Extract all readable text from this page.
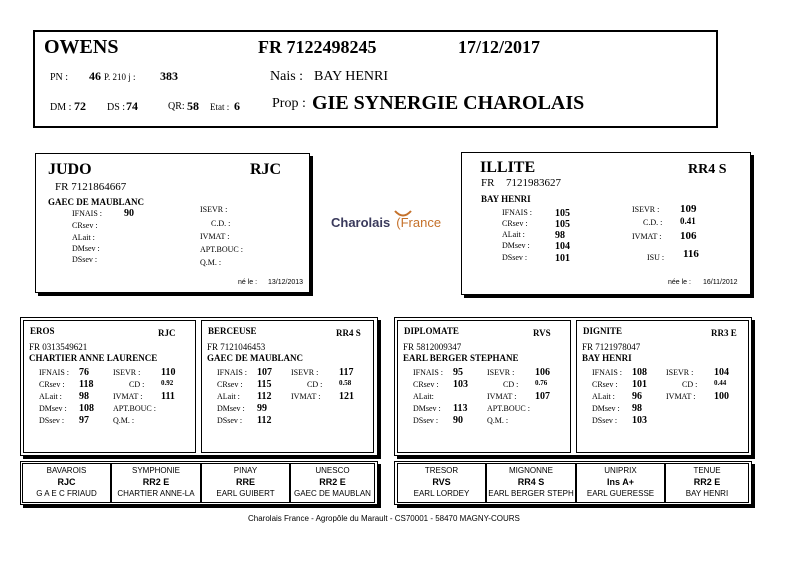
OWENS	FR 7122498245	17/12/2017
PN : 46 P. 210 j : 383	Nais : BAY HENRI
DM : 72 DS : 74	QR: 58 Etat : 6 Prop : GIE SYNERGIE CHAROLAIS
JUDO	RJC
FR 7121864667
GAEC DE MAUBLANC
IFNAIS : 90
CRsev :
ALait :
DMsev :
DSsev :
ISEVR :
C.D. :
IVMAT :
APT.BOUC :
Q.M. :
né le : 13/12/2013
Charolais (France
ILLITE	RR4 S
FR 7121983627
BAY HENRI
IFNAIS : 105
CRsev :	105
ALait :	98
DMsev :	104
DSsev :	101
ISEVR : 109
C.D. : 0.41
IVMAT : 106
ISU : 116
née le : 16/11/2012
EROS	RJC
FR 0313549621
CHARTIER ANNE LAURENCE
IFNAIS : 76
CRsev : 118
ALait : 98
DMsev : 108
DSsev : 97
ISEVR : 110
CD : 0.92
IVMAT : 111
APT.BOUC :
Q.M. :
BERCEUSE	RR4 S
FR 7121046453
GAEC DE MAUBLANC
IFNAIS : 107
CRsev : 115
ALait : 112
DMsev : 99
DSsev : 112
ISEVR : 117
CD : 0.58
IVMAT : 121
DIPLOMATE	RVS
FR 5812009347
EARL BERGER STEPHANE
IFNAIS : 95
CRsev : 103
ALait:
DMsev : 113
DSsev : 90
ISEVR : 106
CD : 0.76
IVMAT : 107
APT.BOUC :
Q.M. :
DIGNITE	RR3 E
FR 7121978047
BAY HENRI
IFNAIS : 108
CRsev : 101
ALait : 96
DMsev : 98
DSsev : 103
ISEVR : 104
CD : 0.44
IVMAT : 100
BAVAROIS
RJC
G A E C FRIAUD
SYMPHONIE
RR2 E
CHARTIER ANNE-LA
PINAY
RRE
EARL GUIBERT
UNESCO
RR2 E
GAEC DE MAUBLAN
TRESOR
RVS
EARL LORDEY
MIGNONNE
RR4 S
EARL BERGER STEPH
UNIPRIX
Ins A+
EARL GUERESSE
TENUE
RR2 E
BAY HENRI
Charolais France - Agropôle du Marault - CS70001 - 58470 MAGNY-COURS
